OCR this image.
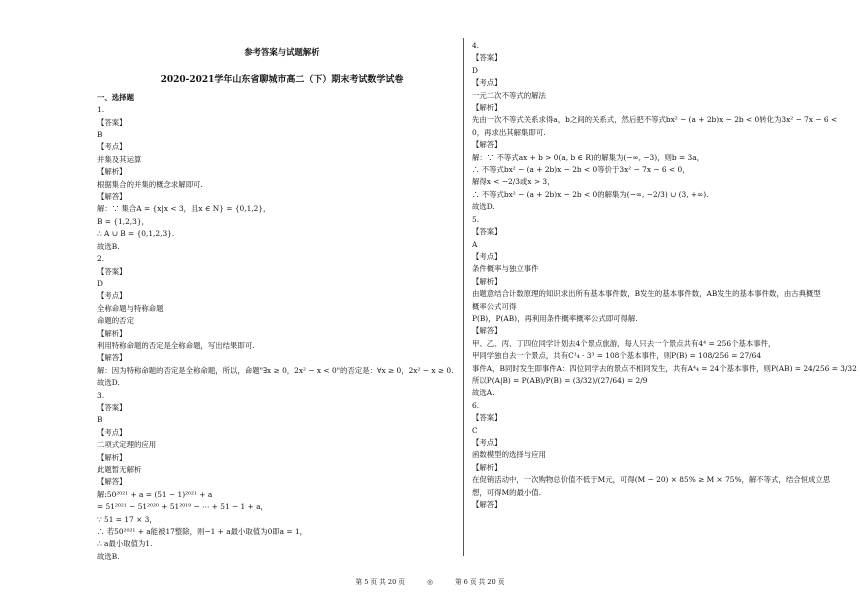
参考答案与试题解析
2020-2021学年山东省聊城市高二（下）期末考试数学试卷
一、选择题
1.
【答案】
B
【考点】
并集及其运算
【解析】
根据集合的并集的概念求解即可.
【解答】
解：∵ 集合A = {x|x < 3，且x ∈ N} = {0,1,2}，
B = {1,2,3}，
∴ A ∪ B = {0,1,2,3}.
故选B.
2.
【答案】
D
【考点】
全称命题与特称命题
命题的否定
【解析】
利用特称命题的否定是全称命题，写出结果即可.
【解答】
解：因为特称命题的否定是全称命题，所以，命题"∃x ≥ 0，2x² − x < 0"的否定是：∀x ≥ 0，2x² − x ≥ 0.
故选D.
3.
【答案】
B
【考点】
二项式定理的应用
【解析】
此题暂无解析
【解答】
解:50²⁰²¹ + a = (51 − 1)²⁰²¹ + a
= 51²⁰²¹ − 51²⁰²⁰ + 51²⁰¹⁹ − ⋯ + 51 − 1 + a，
∵ 51 = 17 × 3，
∴ 若50²⁰²¹ + a能被17整除，则−1 + a最小取值为0即a = 1，
∴ a最小取值为1.
故选B.
4.
【答案】
D
【考点】
一元二次不等式的解法
【解析】
先由一次不等式关系求得a，b之间的关系式，然后把不等式bx² − (a + 2b)x − 2b < 0转化为3x² − 7x − 6 <
0，再求出其解集即可.
【解答】
解：∵ 不等式ax + b > 0(a, b ∈ R)的解集为(−∞, −3)，则b = 3a，
∴ 不等式bx² − (a + 2b)x − 2b < 0等价于3x² − 7x − 6 < 0，
解得x < −2/3或x > 3，
∴ 不等式bx² − (a + 2b)x − 2b < 0的解集为(−∞, −2/3) ∪ (3, +∞).
故选D.
5.
【答案】
A
【考点】
条件概率与独立事件
【解析】
由题意结合计数原理的知识求出所有基本事件数，B发生的基本事件数，AB发生的基本事件数，由古典概型
概率公式可得
P(B)，P(AB)，再利用条件概率概率公式即可得解.
【解答】
甲、乙、丙、丁四位同学计划去4个景点旅游，每人只去一个景点共有4⁴ = 256个基本事件，
甲同学独自去一个景点，共有C¹₄ · 3³ = 108个基本事件，则P(B) = 108/256 = 27/64
事件A，B同时发生即事件A：四位同学去的景点不相同发生，共有A⁴₄ = 24个基本事件，则P(AB) = 24/256 = 3/32
所以P(A|B) = P(AB)/P(B) = (3/32)/(27/64) = 2/9
故选A.
6.
【答案】
C
【考点】
函数模型的选择与应用
【解析】
在促销活动中，一次购物总价值不低于M元，可得(M − 20) × 85% ≥ M × 75%，解不等式，结合恒成立思
想，可得M的最小值.
【解答】
第 5 页 共 20 页	◎	第 6 页 共 20 页
